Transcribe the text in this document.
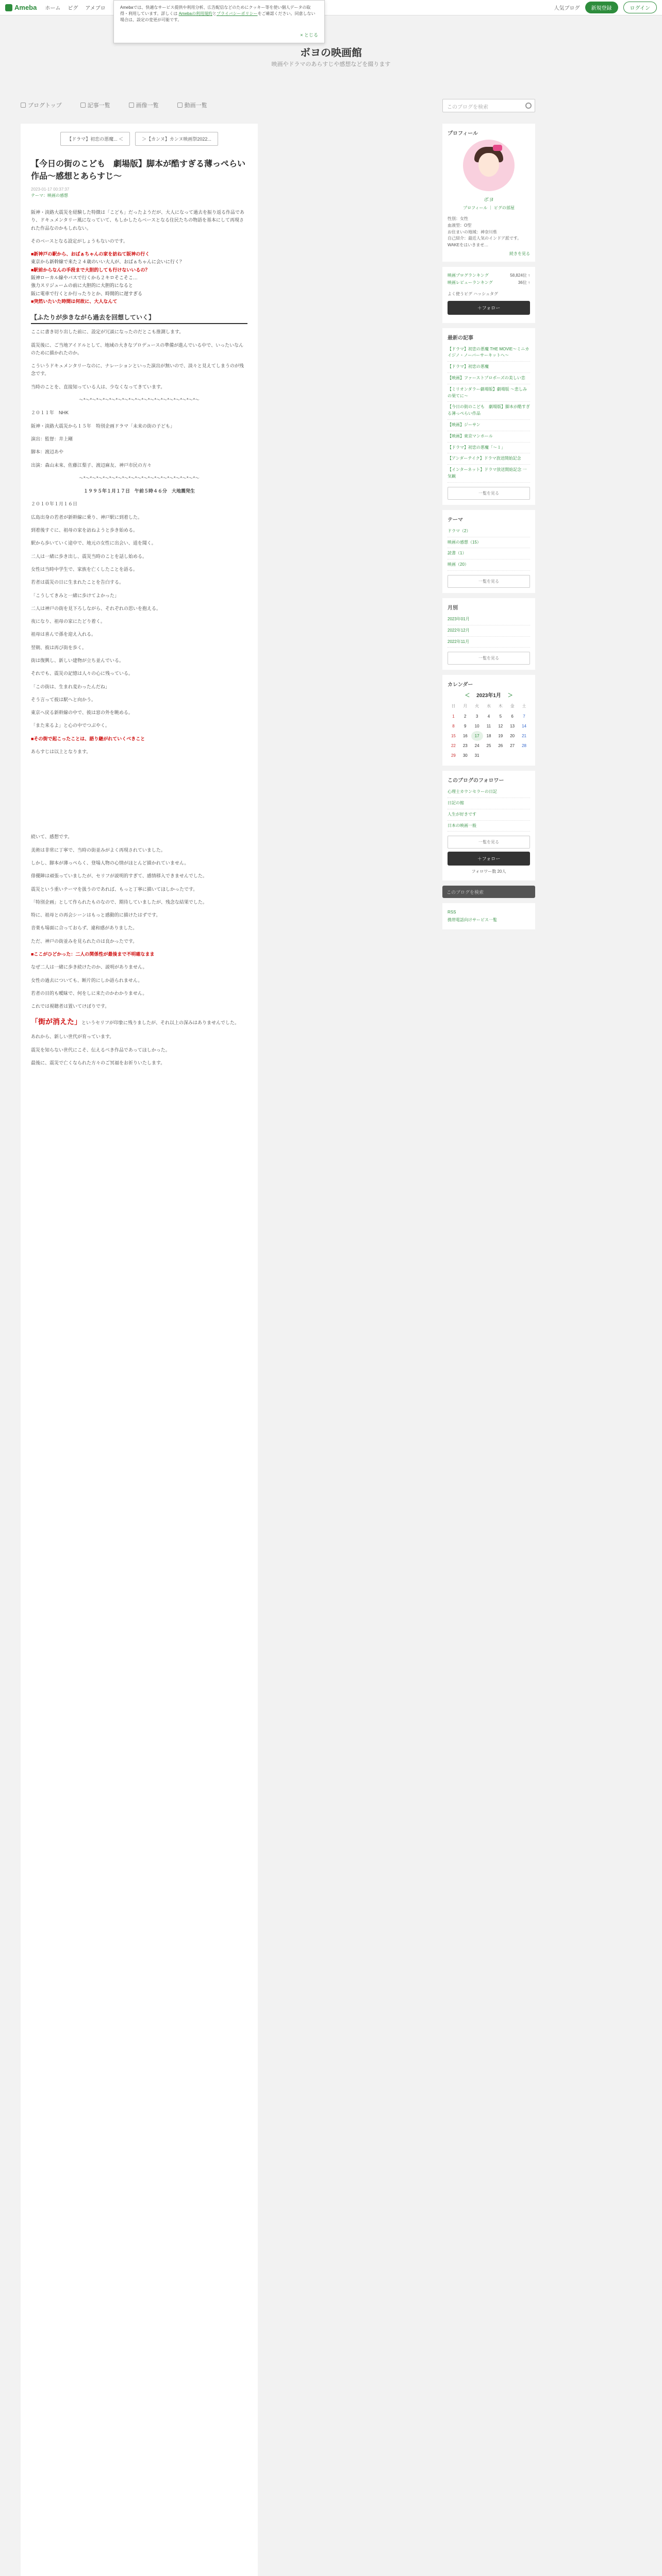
Ameba ホーム ピグ アメブロ	人気ブログ	新規登録	ログイン
Amebaでは、快適なサービス提供や利用分析、広告配信などのためにクッキー等を使い個人データの取得・利用しています。詳しくは Amebaの利用規約とプライバシーポリシーをご確認ください。同意しない場合は、設定の変更が可能です。
× とじる
ボヨの映画館
映画やドラマのあらすじや感想などを綴ります
ブログトップ	記事一覧	画像一覧	動画一覧	このブログを検索
【ドラマ】初恋の悪魔... ＜	＞【カンヌ】カンヌ映画祭2022...
【今日の街のこども　劇場版】脚本が酷すぎる薄っぺらい作品～感想とあらすじ～
2023-01-17 00:37:37
テーマ：映画の感想

阪神・淡路大震災を経験した特徴は「こども」だったようだが、大人になって過去を振り返る作品であり、ドキュメンタリー風になっていて、もしかしたらベースとなる住民たちの物語を基本にして再現された作品なのかもしれない。

そのベースとなる設定がしょうもないのです。

■新神戸の駅から、おばぁちゃんの家を訪ねて阪神の行く
東京から新幹線で来た２４歳のいい大人が、おばぁちゃんに会いに行く？
■駅前からなんの手段まで大胆的しても行けないいるの？
阪神ローカル線やバスで行くから２キロそこそこ…
強力スリジュームの前に大胆的に大胆的になると
阪に電車で行くとか行ったりとか、時間的に遅すぎる
■突然いたいた時間は何故に、大人なんて
【ふたりが歩きながら過去を回想していく】

ここに書き切り出した前に、設定が冗談になったのだとこも推測します。

震災後に、ご当地アイドルとして、地域の大きなプロデュースの準備が進んでいる中で、いったいなんのために描かれたのか。

こういうドキュメンタリーなのに、ナレーションといった演出が無いので、淡々と見えてしまうのが残念です。

当時のことを、直接知っている人は、少なくなってきています。

～*～*～*～*～*～*～*～*～*～*～*～*～*～*～*～*～*～*～

２０１１年　NHK

阪神・淡路大震災から１５年　特別企画ドラマ「未来の街の子ども」

演出：監督：井上剛

脚本：渡辺あや

出演：森山未來、佐藤江梨子、渡辺麻友、神戸市民の方々

～*～*～*～*～*～*～*～*～*～*～*～*～*～*～*～*～*～*～

１９９５年１月１７日　午前５時４６分　大地震発生

２０１０年１月１６日

広島出身の若者が新幹線に乗り、神戸駅に到着した。

到着後すぐに、祖母の家を訪ねようと歩き始める。

駅から歩いていく途中で、地元の女性に出会い、道を聞く。

二人は一緒に歩き出し、震災当時のことを話し始める。

女性は当時中学生で、家族を亡くしたことを語る。

若者は震災の日に生まれたことを告白する。

「こうしてきみと一緒に歩けてよかった」

二人は神戸の街を見下ろしながら、それぞれの思いを抱える。

夜になり、祖母の家にたどり着く。

祖母は喜んで孫を迎え入れる。

翌朝、彼は再び街を歩く。

街は復興し、新しい建物が立ち並んでいる。

それでも、震災の記憶は人々の心に残っている。

「この街は、生まれ変わったんだね」

そう言って彼は駅へと向かう。

東京へ戻る新幹線の中で、彼は窓の外を眺める。

「また来るよ」と心の中でつぶやく。

■その街で起こったことは、語り継がれていくべきこと

あらすじは以上となります。

続いて、感想です。

美術は非常に丁寧で、当時の街並みがよく再現されていました。

しかし、脚本が薄っぺらく、登場人物の心情がほとんど描かれていません。

俳優陣は頑張っていましたが、セリフが説明的すぎて、感情移入できませんでした。

震災という重いテーマを扱うのであれば、もっと丁寧に描いてほしかったです。

「特別企画」として作られたものなので、期待していましたが、残念な結果でした。

特に、祖母との再会シーンはもっと感動的に描けたはずです。

音楽も場面に合っておらず、違和感がありました。

ただ、神戸の街並みを見られたのは良かったです。

■ここがひどかった：二人の関係性が最後まで不明確なまま

なぜ二人は一緒に歩き続けたのか、説明がありません。

女性の過去についても、断片的にしか語られません。

若者の目的も曖昧で、何をしに来たのかわかりません。

これでは視聴者は置いてけぼりです。

「街が消えた」というセリフが印象に残りましたが、それ以上の深みはありませんでした。

あれから、新しい世代が育っています。

震災を知らない世代にこそ、伝えるべき作品であってほしかった。

最後に、震災で亡くなられた方々のご冥福をお祈りいたします。

プロフィール
ボヨ
プロフィール ｜ ピグの部屋
性別：女性
血液型：O型
お住まいの地域：神奈川県
自己紹介：最近人気のインドア派です。WAKEをはいきませ…
続きを見る
映画ブログランキング	58,824位 ↑
映画レビューランキング	36位 ↑
よく使うピグ ハッシュタグ
＋フォロー
最新の記事
【ドラマ】初恋の悪魔 THE MOVIE～ミニカイジノ・ノーバーサーキットへ～
【ドラマ】初恋の悪魔
【映画】ファーストプロポーズの美しい恋
【ミリオンダラー劇場版】劇場版 ～悲しみの果てに～
【今日の街のこども　劇場版】脚本が酷すぎる薄っぺらい作品
【映画】ジーサン
【映画】東京マンホール
【ドラマ】初恋の悪魔「～１」
【アンダーテイク】ドラマ放送開始記念
【インターネット】ドラマ放送開始記念 一気観
一覧を見る
テーマ
ドラマ（2）
映画の感想（15）
読書（1）
映画（20）
一覧を見る
月別
2023年01月
2022年12月
2022年11月
一覧を見る
カレンダー
＜ 2023年1月 ＞
日	月	火	水	木	金	土
1	2	3	4	5	6	7
8	9	10	11	12	13	14
15	16	17	18	19	20	21
22	23	24	25	26	27	28
29	30	31				
このブログのフォロワー
心理士カウンセラーの日記
日記の館
人生が好きです
日本の映画一般
一覧を見る
＋フォロー
フォロワー数 20人
このブログを検索
RSS
携帯電話向けサービス一覧
